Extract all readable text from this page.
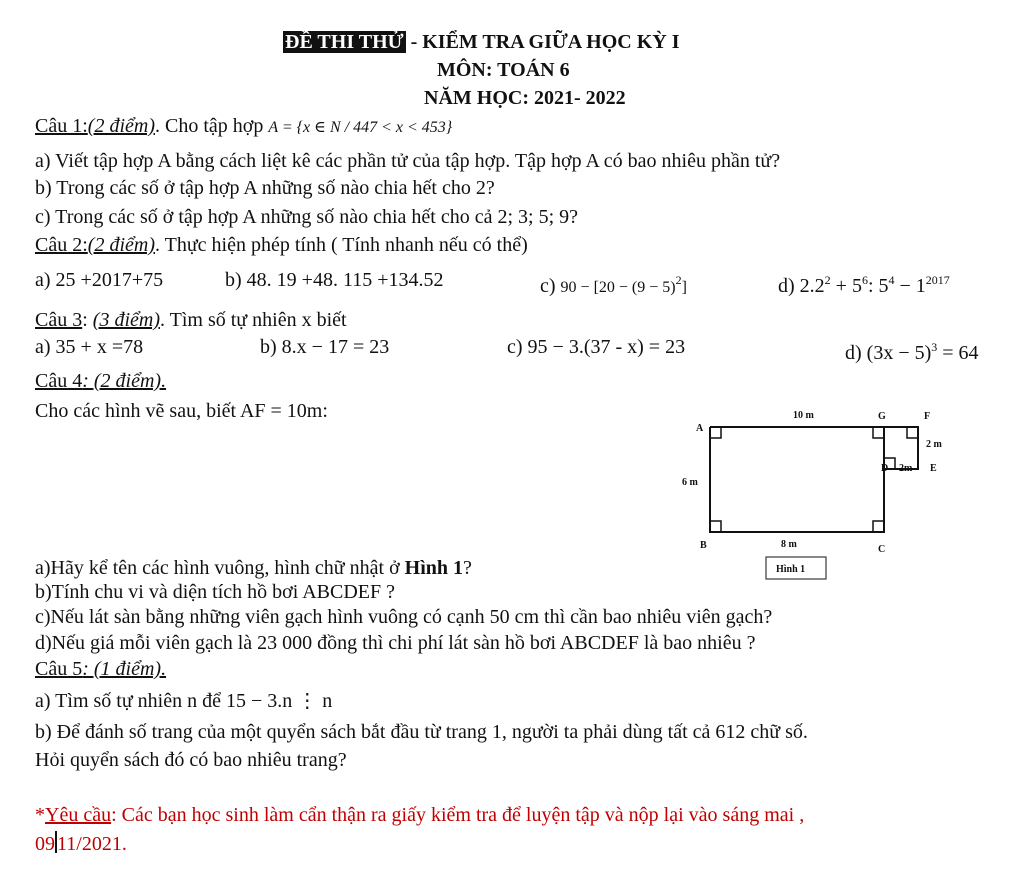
ĐỀ THI THỬ - KIỂM TRA GIỮA HỌC KỲ I
MÔN: TOÁN 6
NĂM HỌC: 2021- 2022
Câu 1:(2 điểm). Cho tập hợp A = {x ∈ N / 447 < x < 453}
a) Viết tập hợp A bằng cách liệt kê các phần tử của tập hợp. Tập hợp A có bao nhiêu phần tử?
b) Trong các số ở tập hợp A những số nào chia hết cho 2?
c) Trong các số ở tập hợp A những số nào chia hết cho cả 2; 3; 5; 9?
Câu 2:(2 điểm). Thực hiện phép tính ( Tính nhanh nếu có thể)
a) 25 +2017+75	b) 48. 19 +48. 115 +134.52	c) $90 - [20 - (9 - 5)^2]$	d) $2.2^2 + 5^6$: $5^4 - 1^{2017}$
Câu 3: (3 điểm). Tìm số tự nhiên x biết
a) 35 + x =78	b) 8.x − 17 = 23	c) 95 − 3.(37 - x) = 23	d) $(3x - 5)^3 = 64$
Câu 4: (2 điểm).
Cho các hình vẽ sau, biết AF = 10m:
A
B	C
G	F
D	E
10 m
6 m
8 m
2 m
2m
Hình 1
a)Hãy kể tên các hình vuông, hình chữ nhật ở Hình 1?
b)Tính chu vi và diện tích hồ bơi ABCDEF ?
c)Nếu lát sàn bằng những viên gạch hình vuông có cạnh 50 cm thì cần bao nhiêu viên gạch?
d)Nếu giá mỗi viên gạch là 23 000 đồng thì chi phí lát sàn hồ bơi ABCDEF là bao nhiêu ?
Câu 5: (1 điểm).
a) Tìm số tự nhiên n để 15 − 3.n ⋮ n
b) Để đánh số trang của một quyển sách bắt đầu từ trang 1, người ta phải dùng tất cả 612 chữ số.
Hỏi quyển sách đó có bao nhiêu trang?
*Yêu cầu: Các bạn học sinh làm cẩn thận ra giấy kiểm tra để luyện tập và nộp lại vào sáng mai ,
09 11/2021.
